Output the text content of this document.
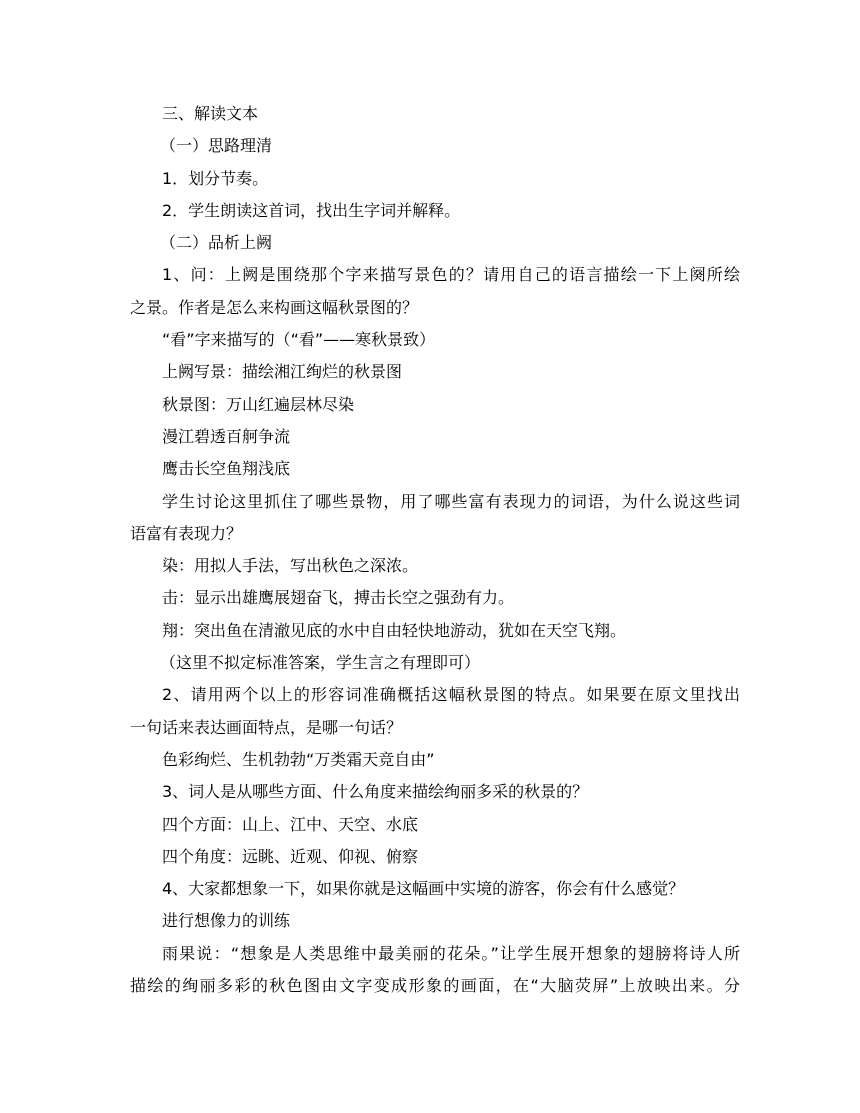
三、解读文本
（一）思路理清
1．划分节奏。
2．学生朗读这首词，找出生字词并解释。
（二）品析上阙
1、问：上阙是围绕那个字来描写景色的？请用自己的语言描绘一下上阕所绘
之景。作者是怎么来构画这幅秋景图的？
“看”字来描写的（“看”——寒秋景致）
上阙写景：描绘湘江绚烂的秋景图
秋景图：万山红遍层林尽染
漫江碧透百舸争流
鹰击长空鱼翔浅底
学生讨论这里抓住了哪些景物，用了哪些富有表现力的词语，为什么说这些词
语富有表现力？
染：用拟人手法，写出秋色之深浓。
击：显示出雄鹰展翅奋飞，搏击长空之强劲有力。
翔：突出鱼在清澈见底的水中自由轻快地游动，犹如在天空飞翔。
（这里不拟定标准答案，学生言之有理即可）
2、请用两个以上的形容词准确概括这幅秋景图的特点。如果要在原文里找出
一句话来表达画面特点，是哪一句话？
色彩绚烂、生机勃勃“万类霜天竞自由”
3、词人是从哪些方面、什么角度来描绘绚丽多采的秋景的？
四个方面：山上、江中、天空、水底
四个角度：远眺、近观、仰视、俯察
4、大家都想象一下，如果你就是这幅画中实境的游客，你会有什么感觉？
进行想像力的训练
雨果说：“想象是人类思维中最美丽的花朵。”让学生展开想象的翅膀将诗人所
描绘的绚丽多彩的秋色图由文字变成形象的画面，在“大脑荧屏”上放映出来。分
